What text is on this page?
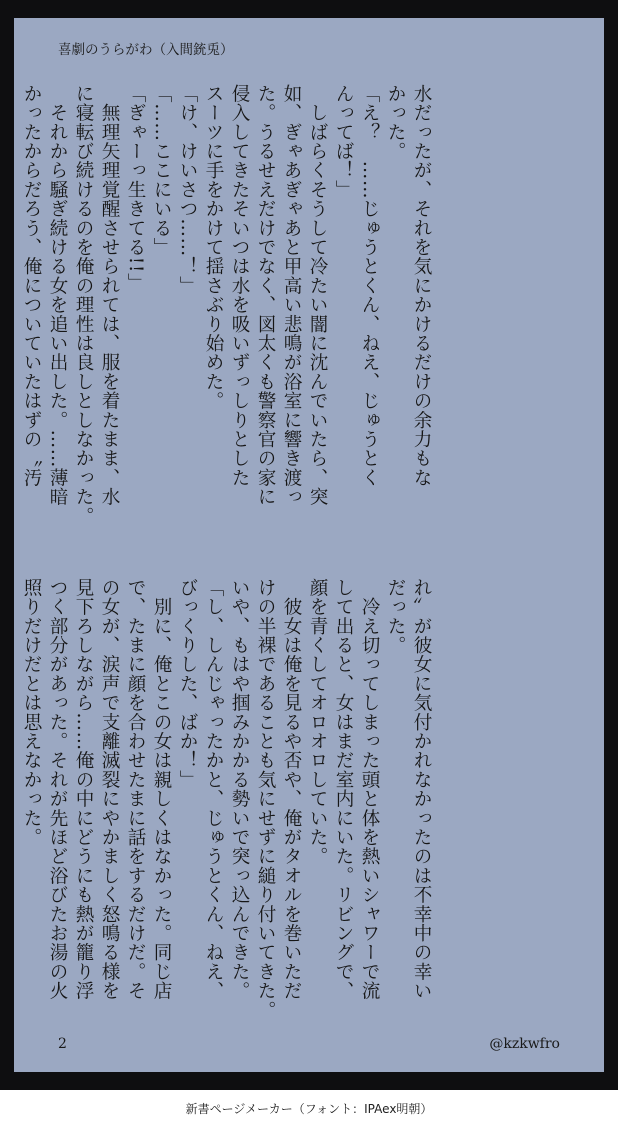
喜劇のうらがわ（入間銃兎）
水だったが、それを気にかけるだけの余力もな
かった。
「え？　……じゅうとくん、ねえ、じゅうとく
んってば！」
　しばらくそうして冷たい闇に沈んでいたら、突
如、ぎゃあぎゃあと甲高い悲鳴が浴室に響き渡っ
た。うるせえだけでなく、図太くも警察官の家に
侵入してきたそいつは水を吸いずっしりとした
スーツに手をかけて揺さぶり始めた。
「け、けいさつ……！」
「……ここにいる」
「ぎゃーっ生きてる!!」
　無理矢理覚醒させられては、服を着たまま、水
に寝転び続けるのを俺の理性は良しとしなかった。
　それから騒ぎ続ける女を追い出した。……薄暗
かったからだろう、俺についていたはずの〝汚
れ〟が彼女に気付かれなかったのは不幸中の幸い
だった。
　冷え切ってしまった頭と体を熱いシャワーで流
して出ると、女はまだ室内にいた。リビングで、
顔を青くしてオロオロしていた。
　彼女は俺を見るや否や、俺がタオルを巻いただ
けの半裸であることも気にせずに縋り付いてきた。
いや、もはや掴みかかる勢いで突っ込んできた。
「し、しんじゃったかと、じゅうとくん、ねえ、
びっくりした、ばか！」
　別に、俺とこの女は親しくはなかった。同じ店
で、たまに顔を合わせたまに話をするだけだ。そ
の女が、涙声で支離滅裂にやかましく怒鳴る様を
見下ろしながら……俺の中にどうにも熱が籠り浮
つく部分があった。それが先ほど浴びたお湯の火
照りだけだとは思えなかった。
2	@kzkwfro
新書ページメーカー（フォント：IPAex明朝）
